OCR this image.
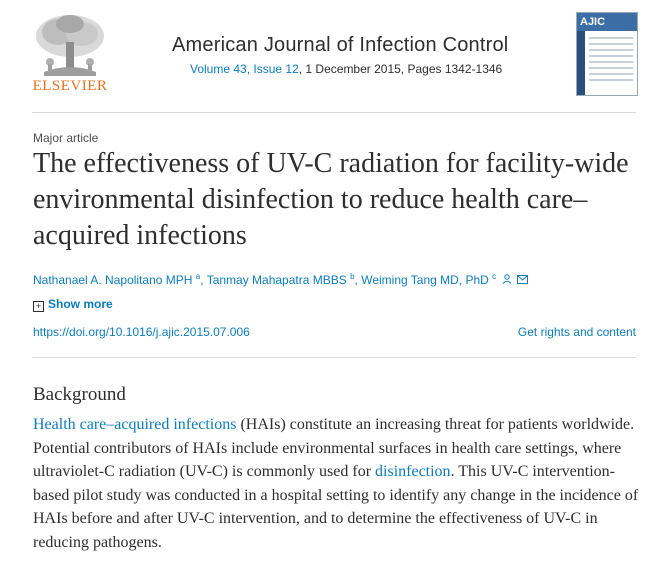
ELSEVIER
American Journal of Infection Control
Volume 43, Issue 12, 1 December 2015, Pages 1342-1346
AJIC
Major article
The effectiveness of UV-C radiation for facility-wide environmental disinfection to reduce health care–acquired infections
Nathanael A. Napolitano MPH $^a$, Tanmay Mahapatra MBBS $^b$, Weiming Tang MD, PhD $^c$
+ Show more
https://doi.org/10.1016/j.ajic.2015.07.006	Get rights and content
Background

Health care–acquired infections (HAIs) constitute an increasing threat for patients worldwide. Potential contributors of HAIs include environmental surfaces in health care settings, where ultraviolet-C radiation (UV-C) is commonly used for disinfection. This UV-C intervention-based pilot study was conducted in a hospital setting to identify any change in the incidence of HAIs before and after UV-C intervention, and to determine the effectiveness of UV-C in reducing pathogens.
